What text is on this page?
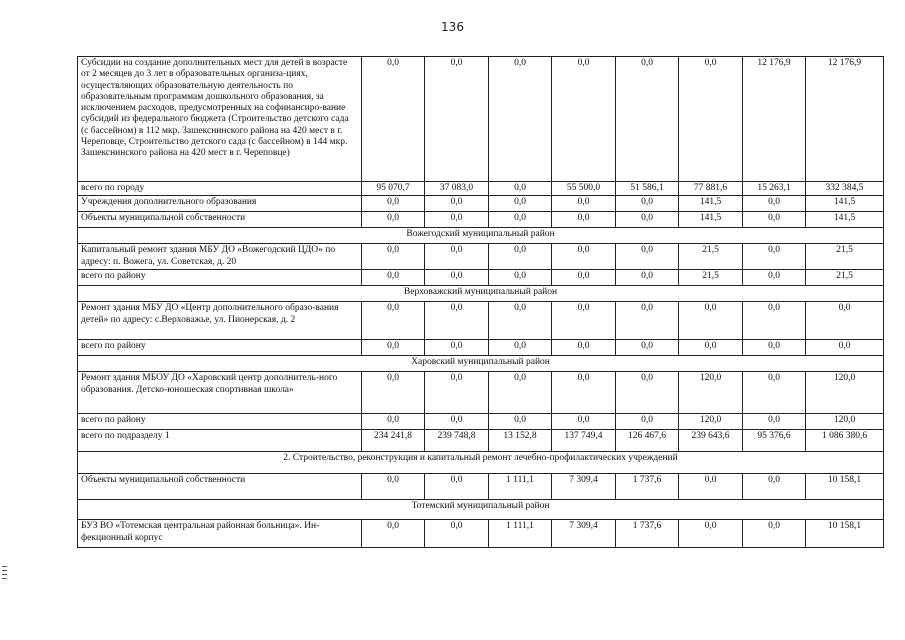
136
Субсидии на создание дополнительных мест для детей в возрасте от 2 месяцев до 3 лет в образовательных организа-циях, осуществляющих образовательную деятельность по образовательным программам дошкольного образования, за исключением расходов, предусмотренных на софинансиро-вание субсидий из федерального бюджета (Строительство детского сада (с бассейном) в 112 мкр. Зашекснинского района на 420 мест в г. Череповце, Строительство детского сада (с бассейном) в 144 мкр. Зашекснинского района на 420 мест в г. Череповце)	0,0	0,0	0,0	0,0	0,0	0,0	12 176,9	12 176,9
всего по городу	95 070,7	37 083,0	0,0	55 500,0	51 586,1	77 881,6	15 263,1	332 384,5
Учреждения дополнительного образования	0,0	0,0	0,0	0,0	0,0	141,5	0,0	141,5
Объекты муниципальной собственности	0,0	0,0	0,0	0,0	0,0	141,5	0,0	141,5
Вожегодский муниципальный район								
Капитальный ремонт здания МБУ ДО «Вожегодский ЦДО» по адресу: п. Вожега, ул. Советская, д. 20	0,0	0,0	0,0	0,0	0,0	21,5	0,0	21,5
всего по району	0,0	0,0	0,0	0,0	0,0	21,5	0,0	21,5
Верховажский муниципальный район								
Ремонт здания МБУ ДО «Центр дополнительного образо-вания детей» по адресу: с.Верховажье, ул. Пионерская, д. 2	0,0	0,0	0,0	0,0	0,0	0,0	0,0	0,0
всего по району	0,0	0,0	0,0	0,0	0,0	0,0	0,0	0,0
Харовский муниципальный район								
Ремонт здания МБОУ ДО «Харовский центр дополнитель-ного образования. Детско-юношеская спортивная школа»	0,0	0,0	0,0	0,0	0,0	120,0	0,0	120,0
всего по району	0,0	0,0	0,0	0,0	0,0	120,0	0,0	120,0
всего по подразделу 1	234 241,8	239 748,8	13 152,8	137 749,4	126 467,6	239 643,6	95 376,6	1 086 380,6
2. Строительство, реконструкция и капитальный ремонт лечебно-профилактических учреждений								
Объекты муниципальной собственности	0,0	0,0	1 111,1	7 309,4	1 737,6	0,0	0,0	10 158,1
Тотемский муниципальный район								
БУЗ ВО «Тотемская центральная районная больница». Ин-фекционный корпус	0,0	0,0	1 111,1	7 309,4	1 737,6	0,0	0,0	10 158,1
